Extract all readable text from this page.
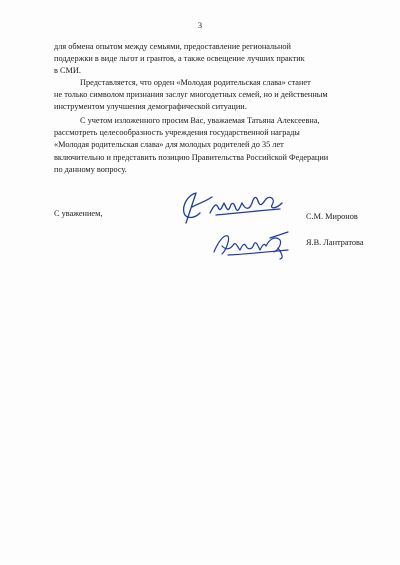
3

для обмена опытом между семьями, предоставление региональной

поддержки в виде льгот и грантов, а также освещение лучших практик

в СМИ.

Представляется, что орден «Молодая родительская слава» станет

не только символом признания заслуг многодетных семей, но и действенным

инструментом улучшения демографической ситуации.

С учетом изложенного просим Вас, уважаемая Татьяна Алексеевна,

рассмотреть целесообразность учреждения государственной награды

«Молодая родительская слава» для молодых родителей до 35 лет

включительно и представить позицию Правительства Российской Федерации

по данному вопросу.

С уважением,	С.М. Миронов
Я.В. Лантратова
